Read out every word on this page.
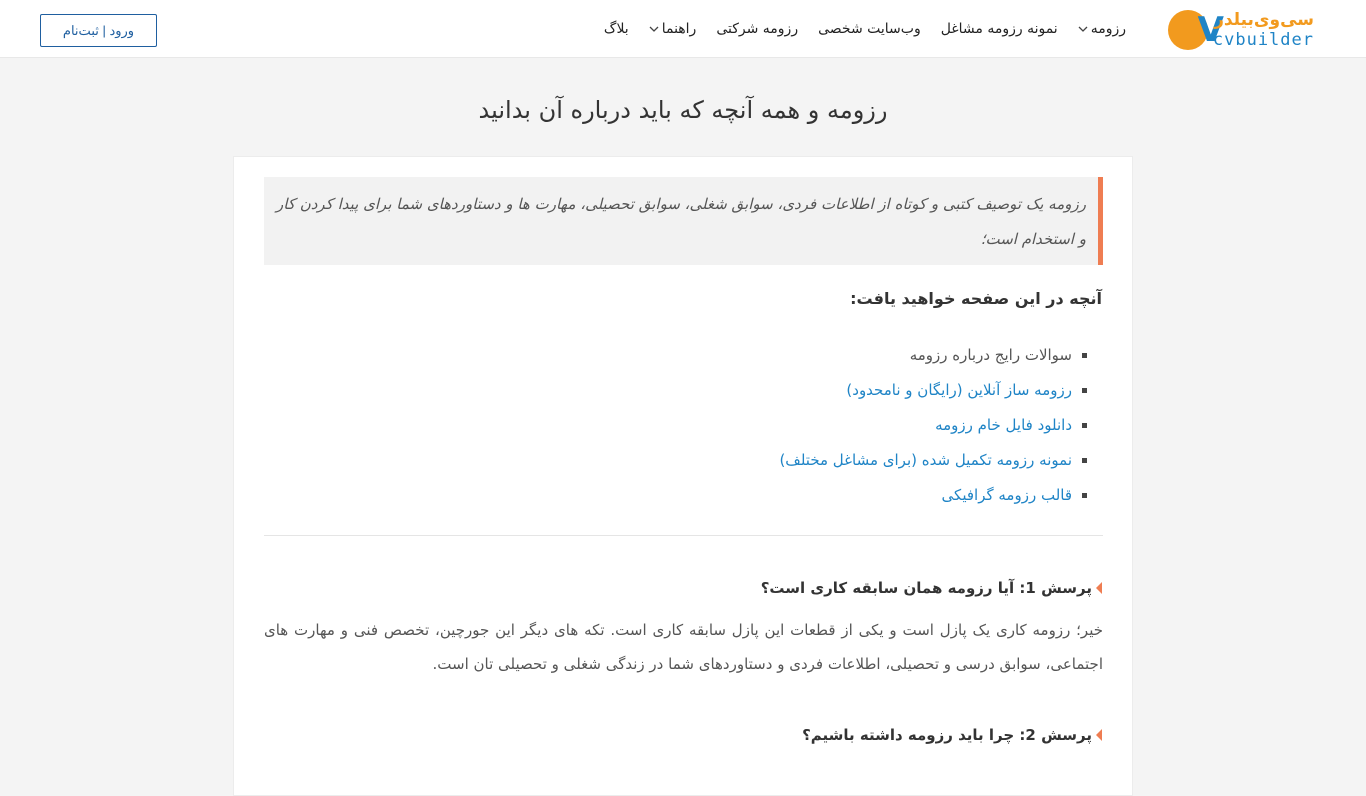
V
سی‌وی‌بیلدر
cvbuilder
رزومه
نمونه رزومه مشاغل
وب‌سایت شخصی
رزومه شرکتی
راهنما
بلاگ
ورود | ثبت‌نام
رزومه و همه آنچه که باید درباره آن بدانید
رزومه یک توصیف کتبی و کوتاه از اطلاعات فردی، سوابق شغلی، سوابق تحصیلی، مهارت ها و دستاوردهای شما برای پیدا کردن کار و استخدام است؛
آنچه در این صفحه خواهید یافت:
سوالات رایج درباره رزومه
رزومه ساز آنلاین (رایگان و نامحدود)
دانلود فایل خام رزومه
نمونه رزومه تکمیل شده (برای مشاغل مختلف)
قالب رزومه گرافیکی
پرسش 1: آیا رزومه همان سابقه کاری است؟

خیر؛ رزومه کاری یک پازل است و یکی از قطعات این پازل سابقه کاری است. تکه های دیگر این جورچین، تخصص فنی و مهارت های اجتماعی، سوابق درسی و تحصیلی، اطلاعات فردی و دستاوردهای شما در زندگی شغلی و تحصیلی تان است.

پرسش 2: چرا باید رزومه داشته باشیم؟
